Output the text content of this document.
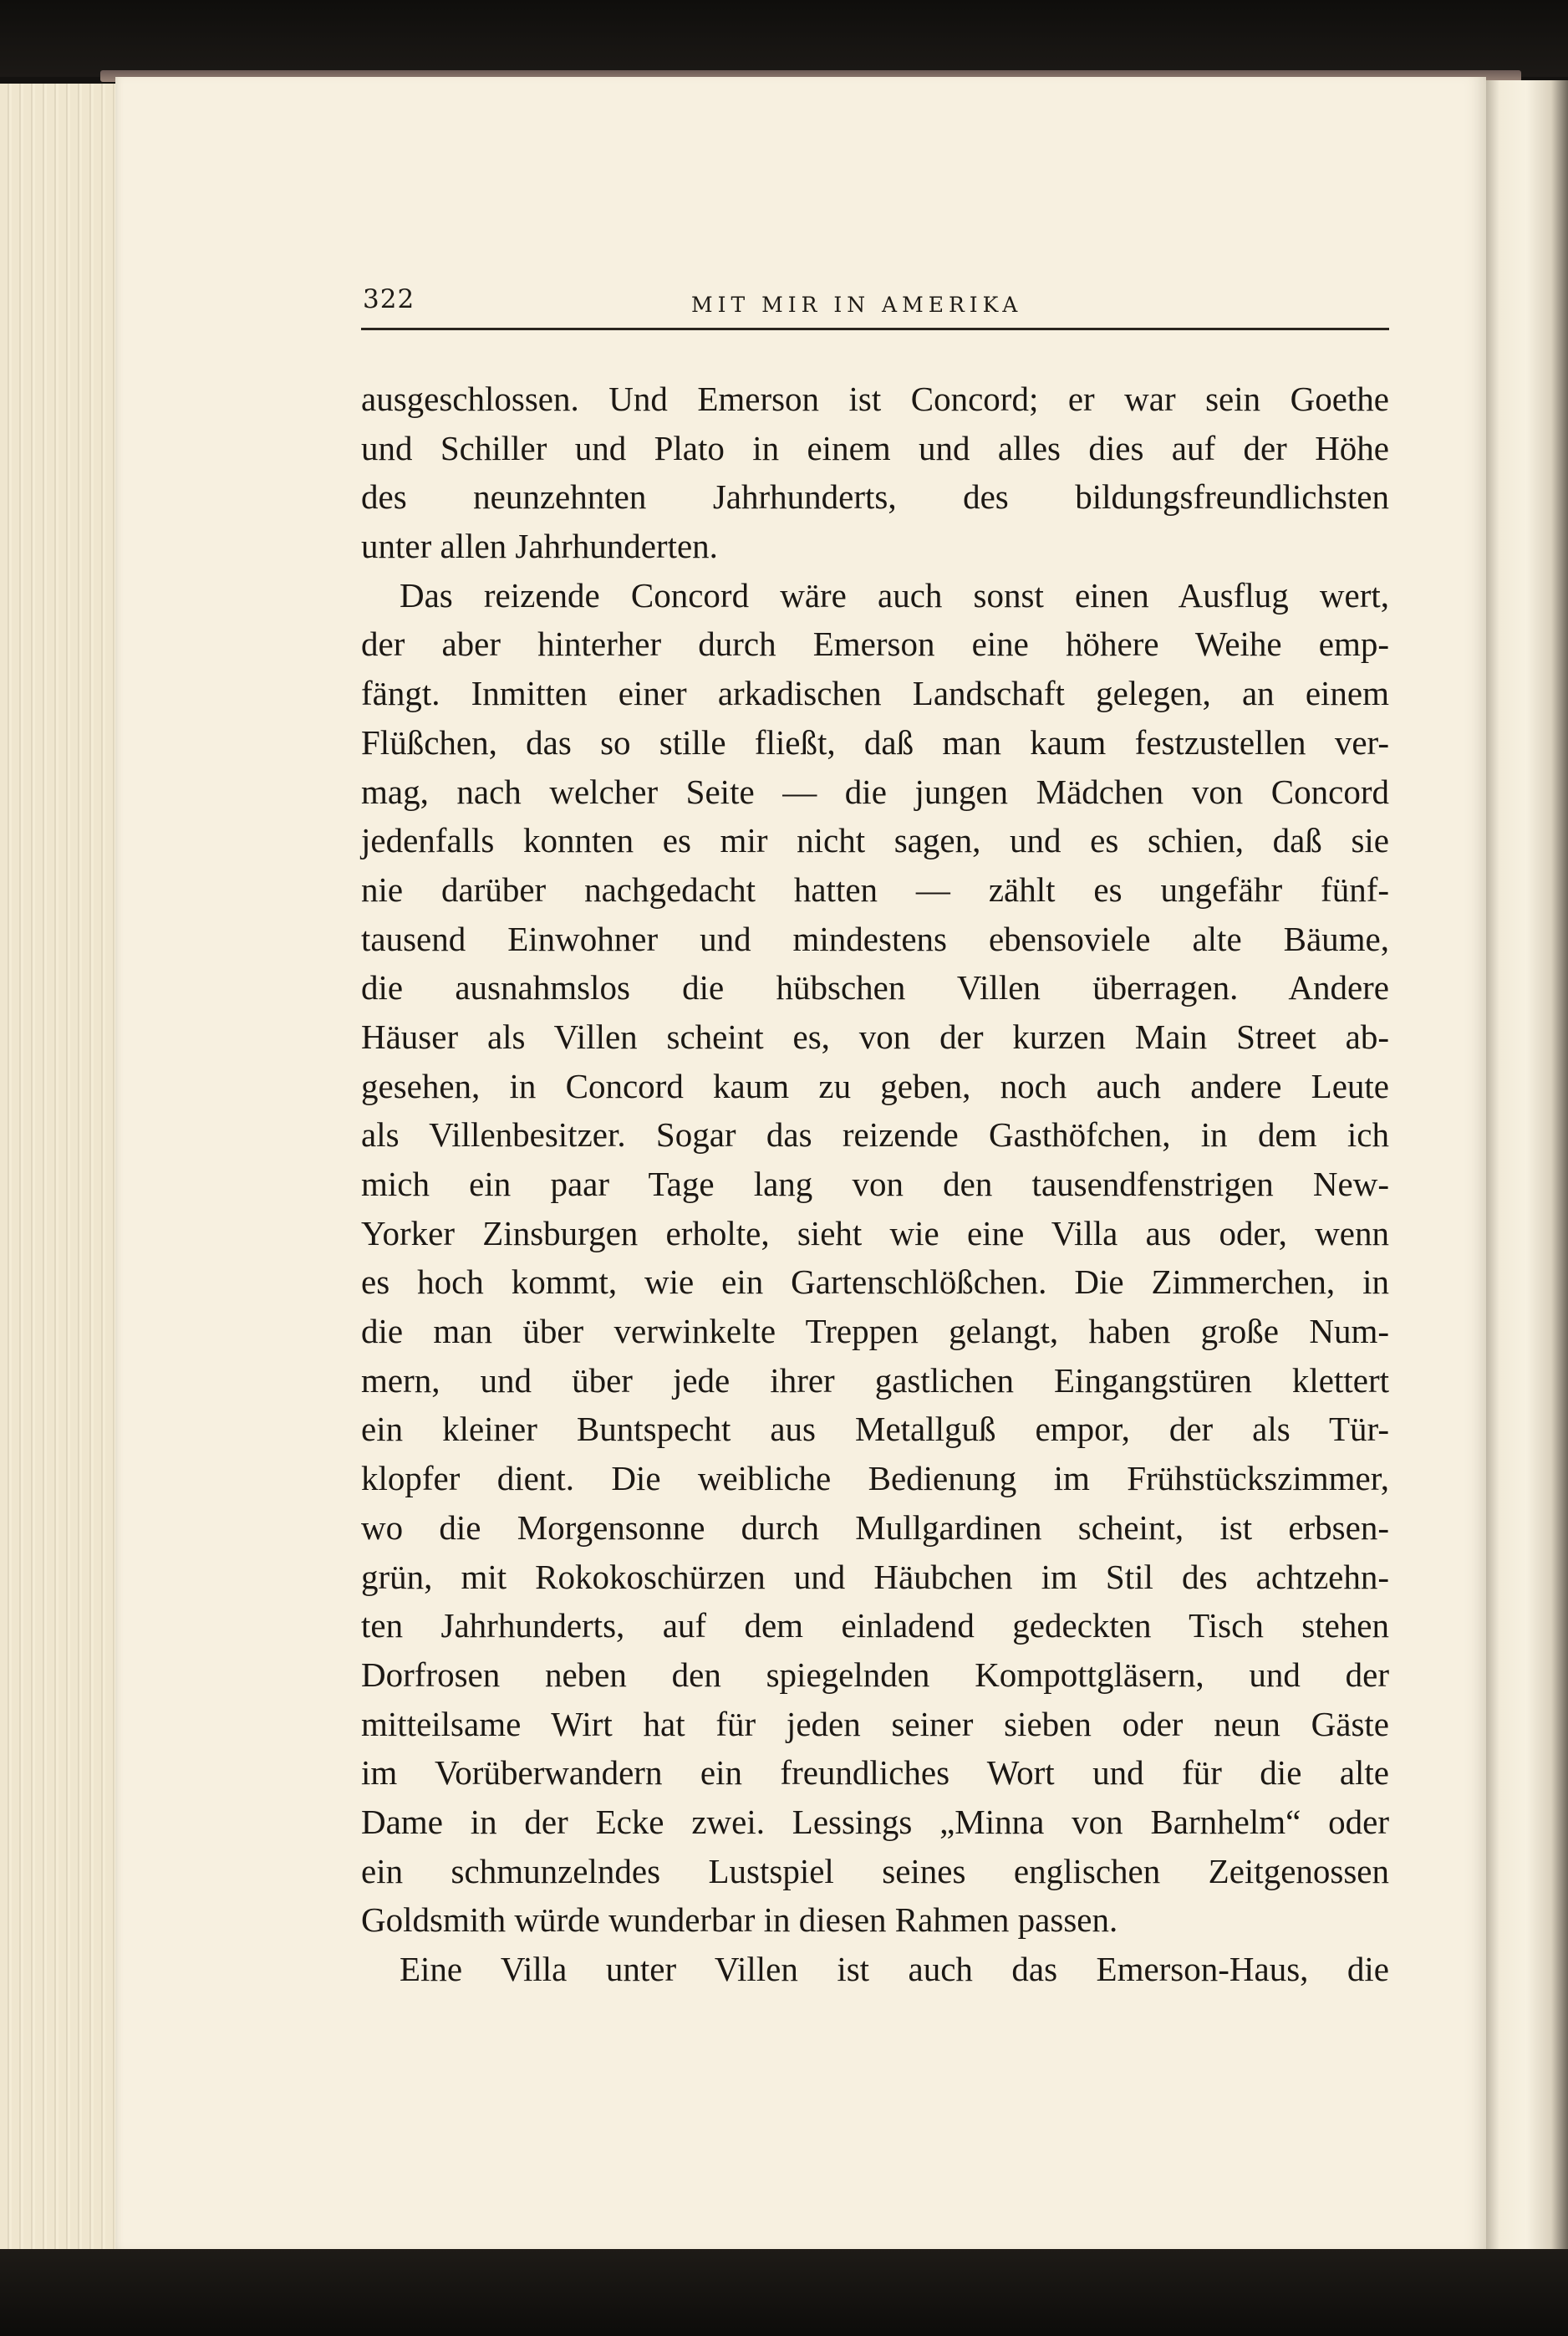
322	MIT MIR IN AMERIKA
ausgeschlossen. Und Emerson ist Concord; er war sein Goethe
und Schiller und Plato in einem und alles dies auf der Höhe
des neunzehnten Jahrhunderts, des bildungsfreundlichsten
unter allen Jahrhunderten.
Das reizende Concord wäre auch sonst einen Ausflug wert,
der aber hinterher durch Emerson eine höhere Weihe emp-
fängt. Inmitten einer arkadischen Landschaft gelegen, an einem
Flüßchen, das so stille fließt, daß man kaum festzustellen ver-
mag, nach welcher Seite — die jungen Mädchen von Concord
jedenfalls konnten es mir nicht sagen, und es schien, daß sie
nie darüber nachgedacht hatten — zählt es ungefähr fünf-
tausend Einwohner und mindestens ebensoviele alte Bäume,
die ausnahmslos die hübschen Villen überragen. Andere
Häuser als Villen scheint es, von der kurzen Main Street ab-
gesehen, in Concord kaum zu geben, noch auch andere Leute
als Villenbesitzer. Sogar das reizende Gasthöfchen, in dem ich
mich ein paar Tage lang von den tausendfenstrigen New-
Yorker Zinsburgen erholte, sieht wie eine Villa aus oder, wenn
es hoch kommt, wie ein Gartenschlößchen. Die Zimmerchen, in
die man über verwinkelte Treppen gelangt, haben große Num-
mern, und über jede ihrer gastlichen Eingangstüren klettert
ein kleiner Buntspecht aus Metallguß empor, der als Tür-
klopfer dient. Die weibliche Bedienung im Frühstückszimmer,
wo die Morgensonne durch Mullgardinen scheint, ist erbsen-
grün, mit Rokokoschürzen und Häubchen im Stil des achtzehn-
ten Jahrhunderts, auf dem einladend gedeckten Tisch stehen
Dorfrosen neben den spiegelnden Kompottgläsern, und der
mitteilsame Wirt hat für jeden seiner sieben oder neun Gäste
im Vorüberwandern ein freundliches Wort und für die alte
Dame in der Ecke zwei. Lessings „Minna von Barnhelm“ oder
ein schmunzelndes Lustspiel seines englischen Zeitgenossen
Goldsmith würde wunderbar in diesen Rahmen passen.
Eine Villa unter Villen ist auch das Emerson-Haus, die
